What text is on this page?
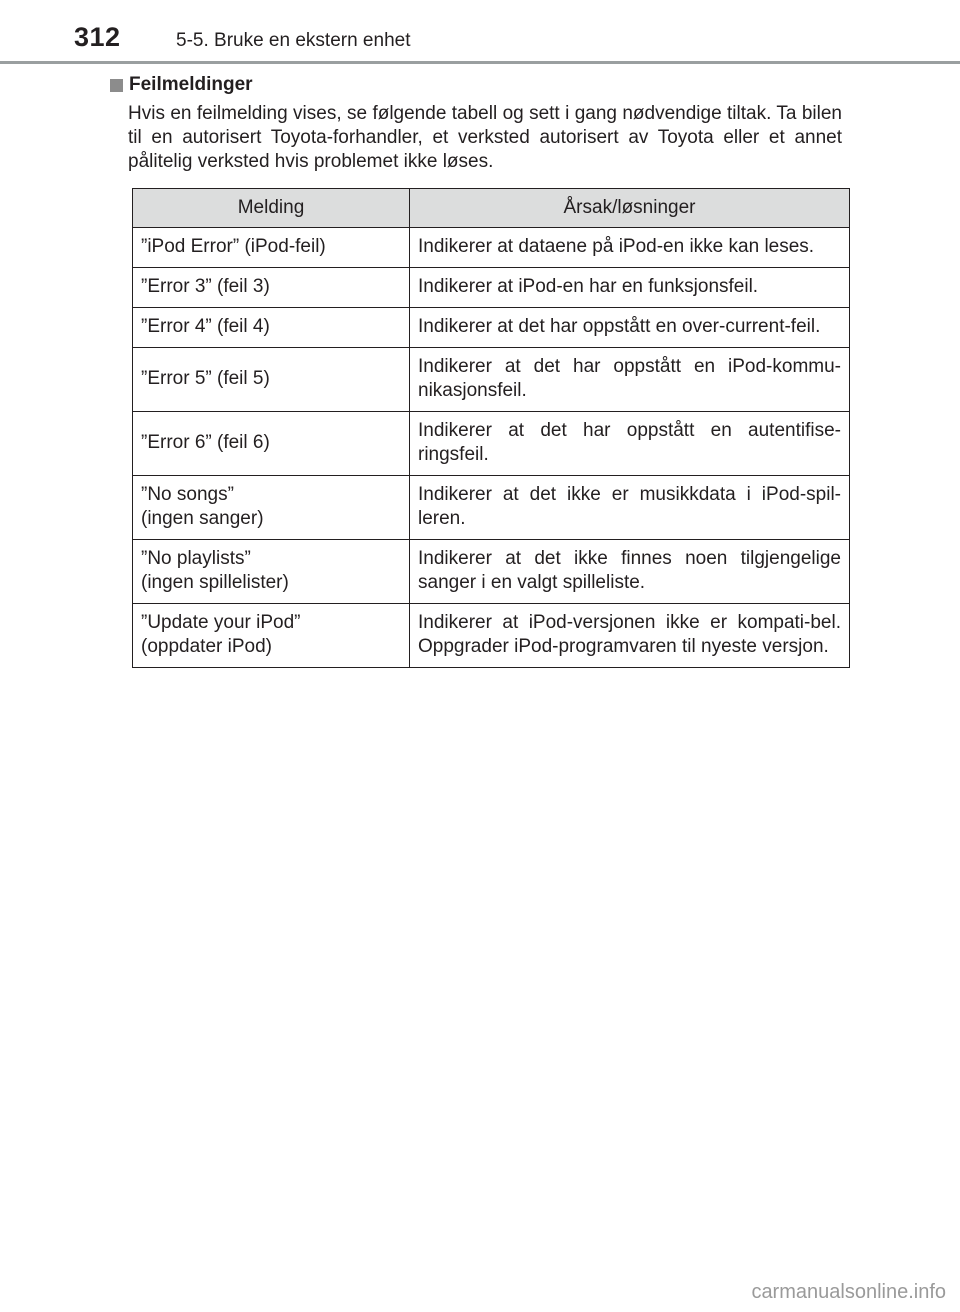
312	5-5. Bruke en ekstern enhet
Feilmeldinger

Hvis en feilmelding vises, se følgende tabell og sett i gang nødvendige tiltak. Ta bilen til en autorisert Toyota-forhandler, et verksted autorisert av Toyota eller et annet pålitelig verksted hvis problemet ikke løses.

Melding	Årsak/løsninger
”iPod Error” (iPod-feil)	Indikerer at dataene på iPod-en ikke kan leses.
”Error 3” (feil 3)	Indikerer at iPod-en har en funksjonsfeil.
”Error 4” (feil 4)	Indikerer at det har oppstått en over-current-feil.
”Error 5” (feil 5)	Indikerer at det har oppstått en iPod-kommu-nikasjonsfeil.
”Error 6” (feil 6)	Indikerer at det har oppstått en autentifise-ringsfeil.
”No songs”
(ingen sanger)	Indikerer at det ikke er musikkdata i iPod-spil-leren.
”No playlists”
(ingen spillelister)	Indikerer at det ikke finnes noen tilgjengelige sanger i en valgt spilleliste.
”Update your iPod”
(oppdater iPod)	Indikerer at iPod-versjonen ikke er kompati-bel. Oppgrader iPod-programvaren til nyeste versjon.
carmanualsonline.info
